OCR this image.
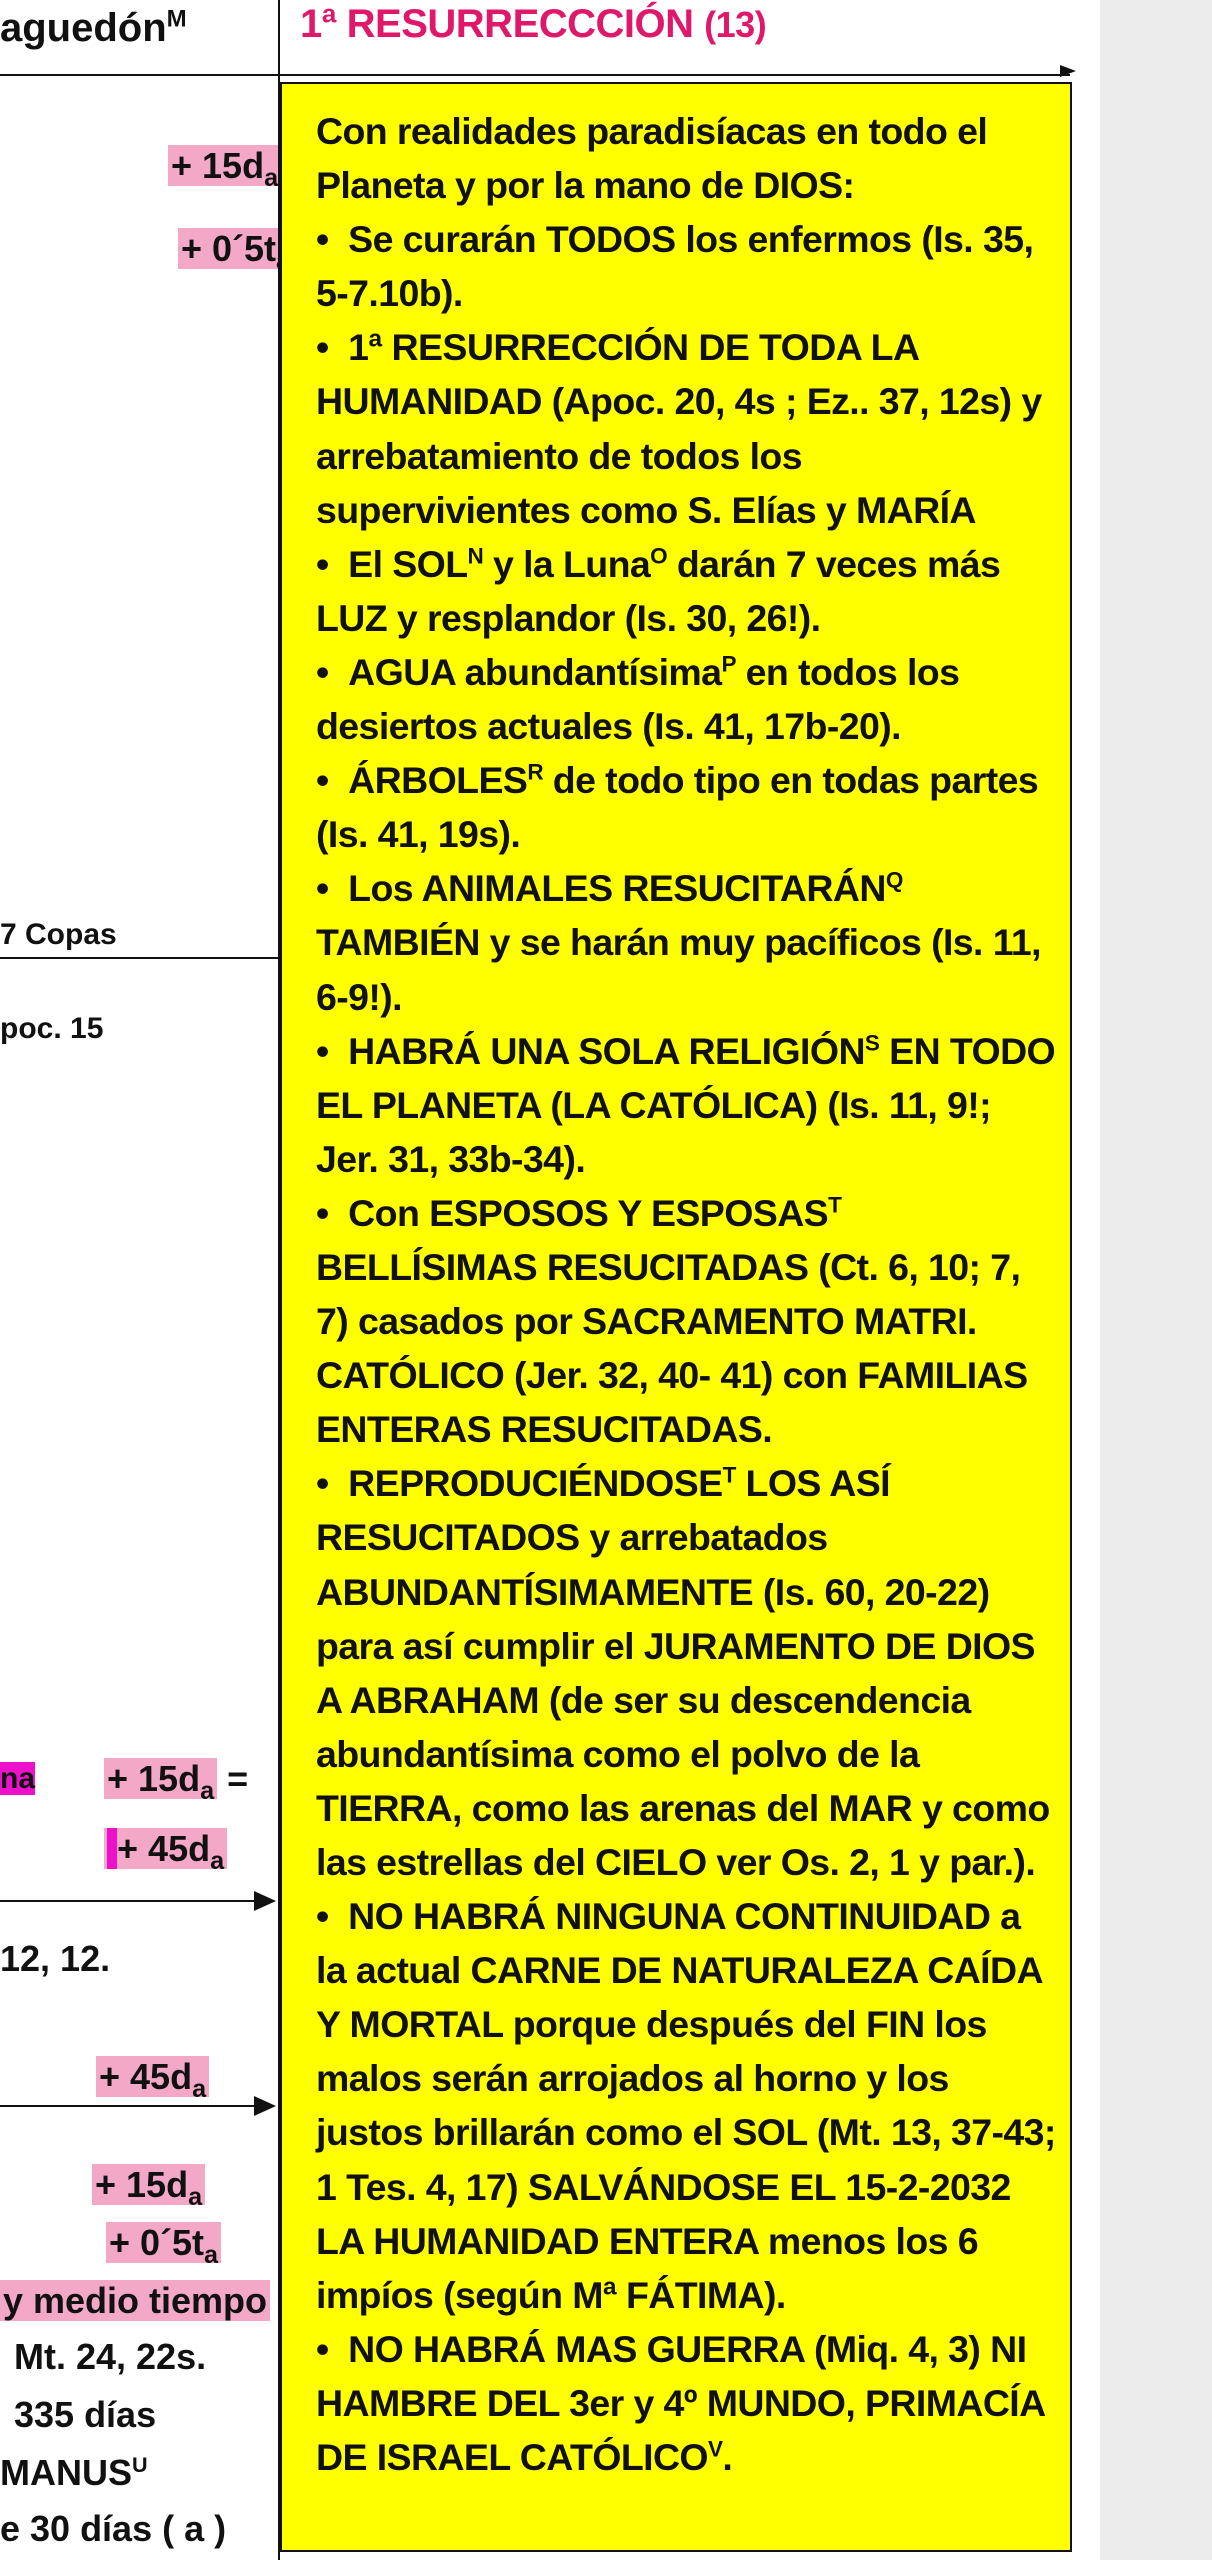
aguedón$^M$
+ $15d_a$
+ 0´5t
7 Copas
poc. 15
na + $15d_a$ =
+ $45d_a$
12, 12.
+ $45d_a$
+ $15d_a$
+ $0´5t_a$
y medio tiempo
Mt. 24, 22s.
335 días
$MANUS^U$
e 30 días ( a )
1ª RESURRECCCIÓN (13)

Con realidades paradisíacas en todo el Planeta y por la mano de DIOS:

•  Se curarán TODOS los enfermos (Is. 35, 5-7.10b).

•  1ª RESURRECCIÓN DE TODA LA HUMANIDAD (Apoc. 20, 4s ; Ez.. 37, 12s) y arrebatamiento de todos los supervivientes como S. Elías y MARÍA

•  El $SOL^N$ y la Luna$^O$ darán 7 veces más LUZ y resplandor (Is. 30, 26!).

•  AGUA abundantísima$^P$ en todos los desiertos actuales (Is. 41, 17b-20).

•  $ÁRBOLES^R$ de todo tipo en todas partes (Is. 41, 19s).

•  Los ANIMALES $RESUCITARÁN^Q$ TAMBIÉN y se harán muy pacíficos (Is. 11, 6-9!).

•  HABRÁ UNA SOLA $RELIGIÓN^S$ EN TODO EL PLANETA (LA CATÓLICA) (Is. 11, 9!; Jer. 31, 33b-34).

•  Con ESPOSOS Y $ESPOSAS^T$ BELLÍSIMAS RESUCITADAS (Ct. 6, 10; 7, 7) casados por SACRAMENTO MATRI. CATÓLICO (Jer. 32, 40- 41) con FAMILIAS ENTERAS RESUCITADAS.

•  $REPRODUCIÉNDOSE^T$ LOS ASÍ RESUCITADOS y arrebatados ABUNDANTÍSIMAMENTE (Is. 60, 20-22) para así cumplir el JURAMENTO DE DIOS A ABRAHAM (de ser su descendencia abundantísima como el polvo de la TIERRA, como las arenas del MAR y como las estrellas del CIELO ver Os. 2, 1 y par.).

•  NO HABRÁ NINGUNA CONTINUIDAD a la actual CARNE DE NATURALEZA CAÍDA Y MORTAL porque después del FIN los malos serán arrojados al horno y los justos brillarán como el SOL (Mt. 13, 37-43; 1 Tes. 4, 17) SALVÁNDOSE EL 15-2-2032 LA HUMANIDAD ENTERA menos los 6 impíos (según Mª FÁTIMA).

•  NO HABRÁ MAS GUERRA (Miq. 4, 3) NI HAMBRE DEL 3er y 4º MUNDO, PRIMACÍA DE ISRAEL $CATÓLICO^V$.
